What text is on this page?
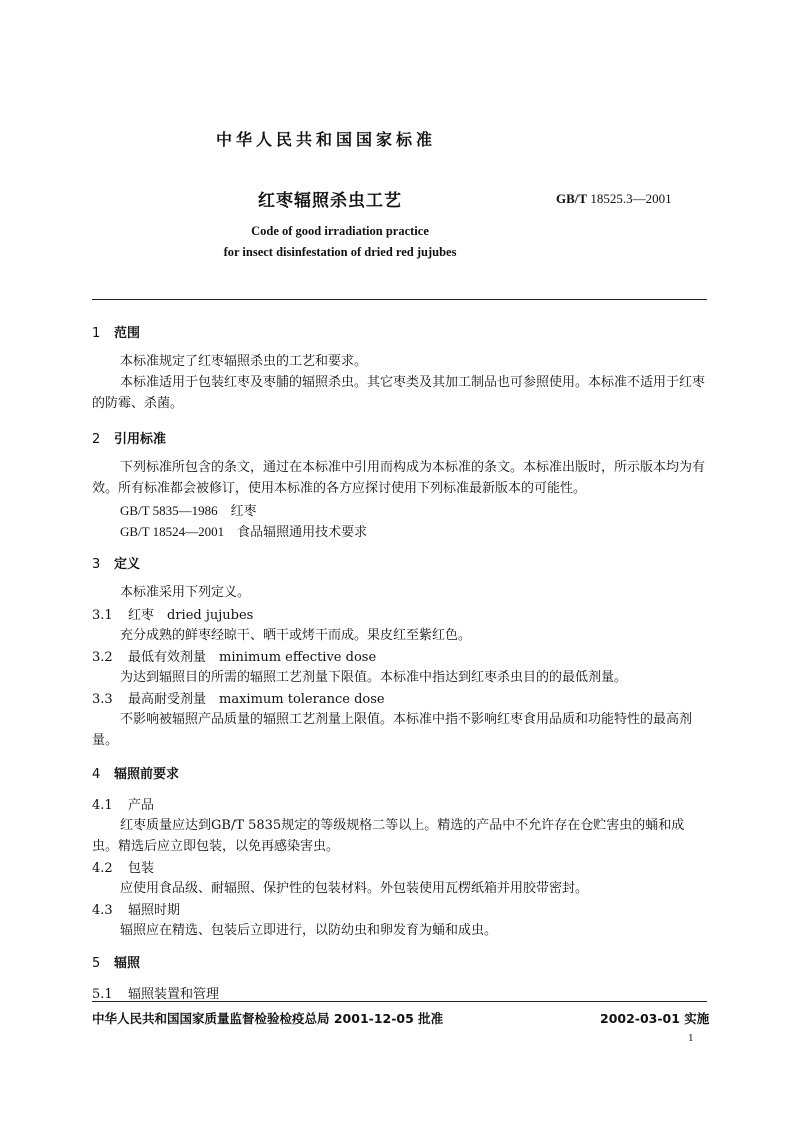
中华人民共和国国家标准
红枣辐照杀虫工艺	GB/T 18525.3—2001
Code of good irradiation practice
for insect disinfestation of dried red jujubes
1 范围
本标准规定了红枣辐照杀虫的工艺和要求。
本标准适用于包装红枣及枣脯的辐照杀虫。其它枣类及其加工制品也可参照使用。本标准不适用于红枣的防霉、杀菌。
2 引用标准
下列标准所包含的条文，通过在本标准中引用而构成为本标准的条文。本标准出版时，所示版本均为有效。所有标准都会被修订，使用本标准的各方应探讨使用下列标准最新版本的可能性。
GB/T 5835—1986　红枣
GB/T 18524—2001　食品辐照通用技术要求
3 定义
本标准采用下列定义。
3.1 红枣　dried jujubes
充分成熟的鲜枣经晾干、晒干或烤干而成。果皮红至紫红色。
3.2 最低有效剂量　minimum effective dose
为达到辐照目的所需的辐照工艺剂量下限值。本标准中指达到红枣杀虫目的的最低剂量。
3.3 最高耐受剂量　maximum tolerance dose
不影响被辐照产品质量的辐照工艺剂量上限值。本标准中指不影响红枣食用品质和功能特性的最高剂量。
4 辐照前要求
4.1 产品
红枣质量应达到GB/T 5835规定的等级规格二等以上。精选的产品中不允许存在仓贮害虫的蛹和成虫。精选后应立即包装，以免再感染害虫。
4.2 包装
应使用食品级、耐辐照、保护性的包装材料。外包装使用瓦楞纸箱并用胶带密封。
4.3 辐照时期
辐照应在精选、包装后立即进行，以防幼虫和卵发育为蛹和成虫。
5 辐照
5.1 辐照装置和管理
中华人民共和国国家质量监督检验检疫总局 2001-12-05 批准	2002-03-01 实施
1
